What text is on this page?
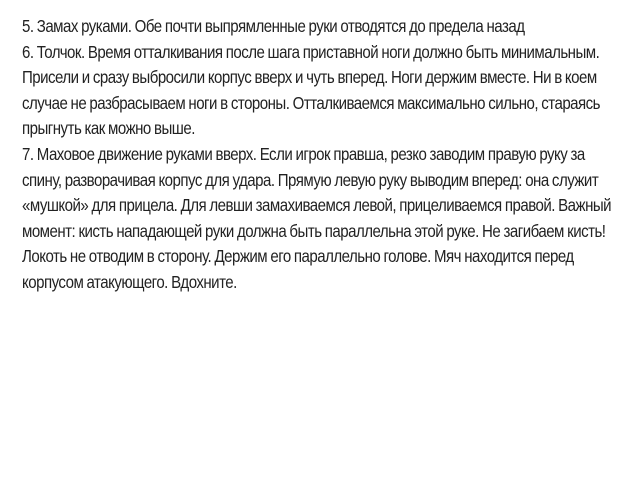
5. Замах руками. Обе почти выпрямленные руки отводятся до предела назад
6. Толчок. Время отталкивания после шага приставной ноги должно быть минимальным. Присели и сразу выбросили корпус вверх и чуть вперед. Ноги держим вместе. Ни в коем случае не разбрасываем ноги в стороны. Отталкиваемся максимально сильно, стараясь прыгнуть как можно выше.
7. Маховое движение руками вверх. Если игрок правша, резко заводим правую руку за спину, разворачивая корпус для удара. Прямую левую руку выводим вперед: она служит «мушкой» для прицела. Для левши замахиваемся левой, прицеливаемся правой. Важный момент: кисть нападающей руки должна быть параллельна этой руке. Не загибаем кисть! Локоть не отводим в сторону. Держим его параллельно голове. Мяч находится перед корпусом атакующего. Вдохните.
